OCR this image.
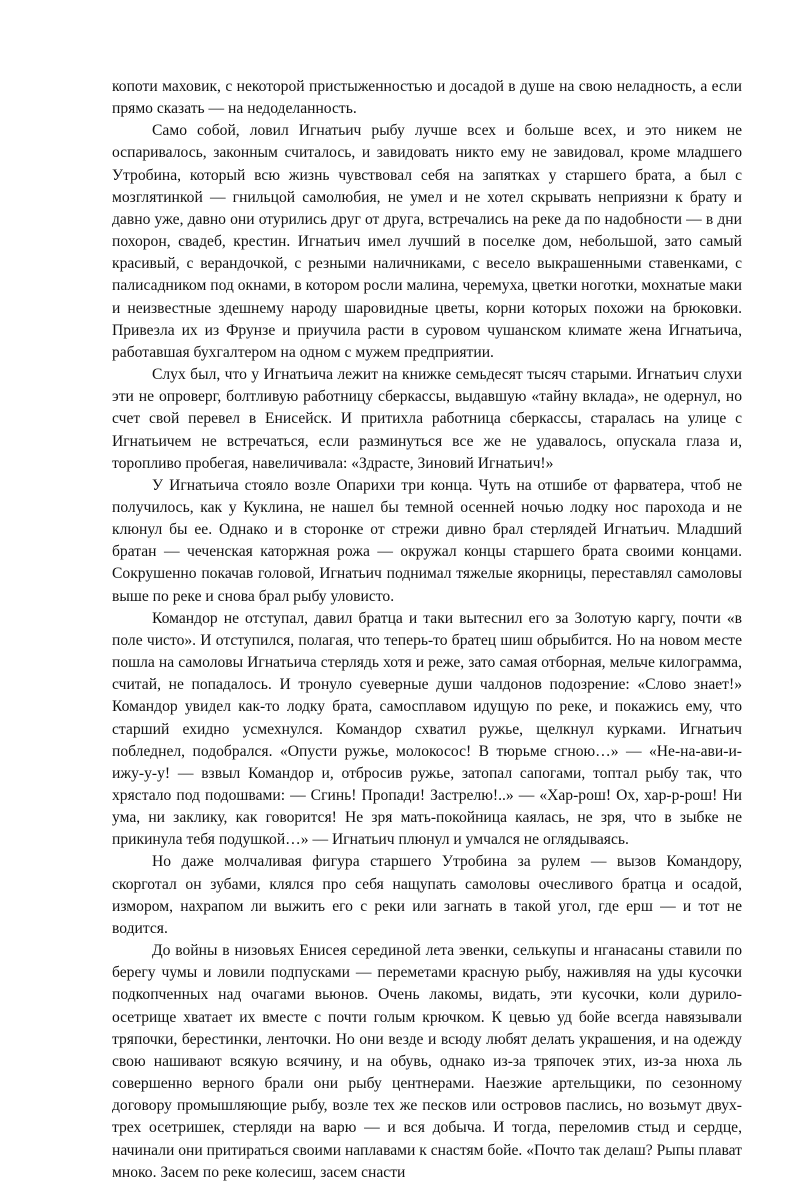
копоти маховик, с некоторой пристыженностью и досадой в душе на свою неладность, а если прямо сказать — на недоделанность.

Само собой, ловил Игнатьич рыбу лучше всех и больше всех, и это никем не оспаривалось, законным считалось, и завидовать никто ему не завидовал, кроме младшего Утробина, который всю жизнь чувствовал себя на запятках у старшего брата, а был с мозглятинкой — гнильцой самолюбия, не умел и не хотел скрывать неприязни к брату и давно уже, давно они отурились друг от друга, встречались на реке да по надобности — в дни похорон, свадеб, крестин. Игнатьич имел лучший в поселке дом, небольшой, зато самый красивый, с верандочкой, с резными наличниками, с весело выкрашенными ставенками, с палисадником под окнами, в котором росли малина, черемуха, цветки ноготки, мохнатые маки и неизвестные здешнему народу шаровидные цветы, корни которых похожи на брюковки. Привезла их из Фрунзе и приучила расти в суровом чушанском климате жена Игнатьича, работавшая бухгалтером на одном с мужем предприятии.

Слух был, что у Игнатьича лежит на книжке семьдесят тысяч старыми. Игнатьич слухи эти не опроверг, болтливую работницу сберкассы, выдавшую «тайну вклада», не одернул, но счет свой перевел в Енисейск. И притихла работница сберкассы, старалась на улице с Игнатьичем не встречаться, если разминуться все же не удавалось, опускала глаза и, торопливо пробегая, навеличивала: «Здрасте, Зиновий Игнатьич!»

У Игнатьича стояло возле Опарихи три конца. Чуть на отшибе от фарватера, чтоб не получилось, как у Куклина, не нашел бы темной осенней ночью лодку нос парохода и не клюнул бы ее. Однако и в сторонке от стрежи дивно брал стерлядей Игнатьич. Младший братан — чеченская каторжная рожа — окружал концы старшего брата своими концами. Сокрушенно покачав головой, Игнатьич поднимал тяжелые якорницы, переставлял самоловы выше по реке и снова брал рыбу уловисто.

Командор не отступал, давил братца и таки вытеснил его за Золотую каргу, почти «в поле чисто». И отступился, полагая, что теперь-то братец шиш обрыбится. Но на новом месте пошла на самоловы Игнатьича стерлядь хотя и реже, зато самая отборная, мельче килограмма, считай, не попадалось. И тронуло суеверные души чалдонов подозрение: «Слово знает!» Командор увидел как-то лодку брата, самосплавом идущую по реке, и покажись ему, что старший ехидно усмехнулся. Командор схватил ружье, щелкнул курками. Игнатьич побледнел, подобрался. «Опусти ружье, молокосос! В тюрьме сгною…» — «Не-на-ави-и-ижу-у-у! — взвыл Командор и, отбросив ружье, затопал сапогами, топтал рыбу так, что хрястало под подошвами: — Сгинь! Пропади! Застрелю!..» — «Хар-рош! Ох, хар-р-рош! Ни ума, ни заклику, как говорится! Не зря мать-покойница каялась, не зря, что в зыбке не прикинула тебя подушкой…» — Игнатьич плюнул и умчался не оглядываясь.

Но даже молчаливая фигура старшего Утробина за рулем — вызов Командору, скорготал он зубами, клялся про себя нащупать самоловы очесливого братца и осадой, измором, нахрапом ли выжить его с реки или загнать в такой угол, где ерш — и тот не водится.

До войны в низовьях Енисея серединой лета эвенки, селькупы и нганасаны ставили по берегу чумы и ловили подпусками — переметами красную рыбу, наживляя на уды кусочки подкопченных над очагами вьюнов. Очень лакомы, видать, эти кусочки, коли дурило-осетрище хватает их вместе с почти голым крючком. К цевью уд бойе всегда навязывали тряпочки, берестинки, ленточки. Но они везде и всюду любят делать украшения, и на одежду свою нашивают всякую всячину, и на обувь, однако из-за тряпочек этих, из-за нюха ль совершенно верного брали они рыбу центнерами. Наезжие артельщики, по сезонному договору промышляющие рыбу, возле тех же песков или островов паслись, но возьмут двух-трех осетришек, стерляди на варю — и вся добыча. И тогда, переломив стыд и сердце, начинали они притираться своими наплавами к снастям бойе. «Почто так делаш? Рыпы плават мноко. Засем по реке колесиш, засем снасти
